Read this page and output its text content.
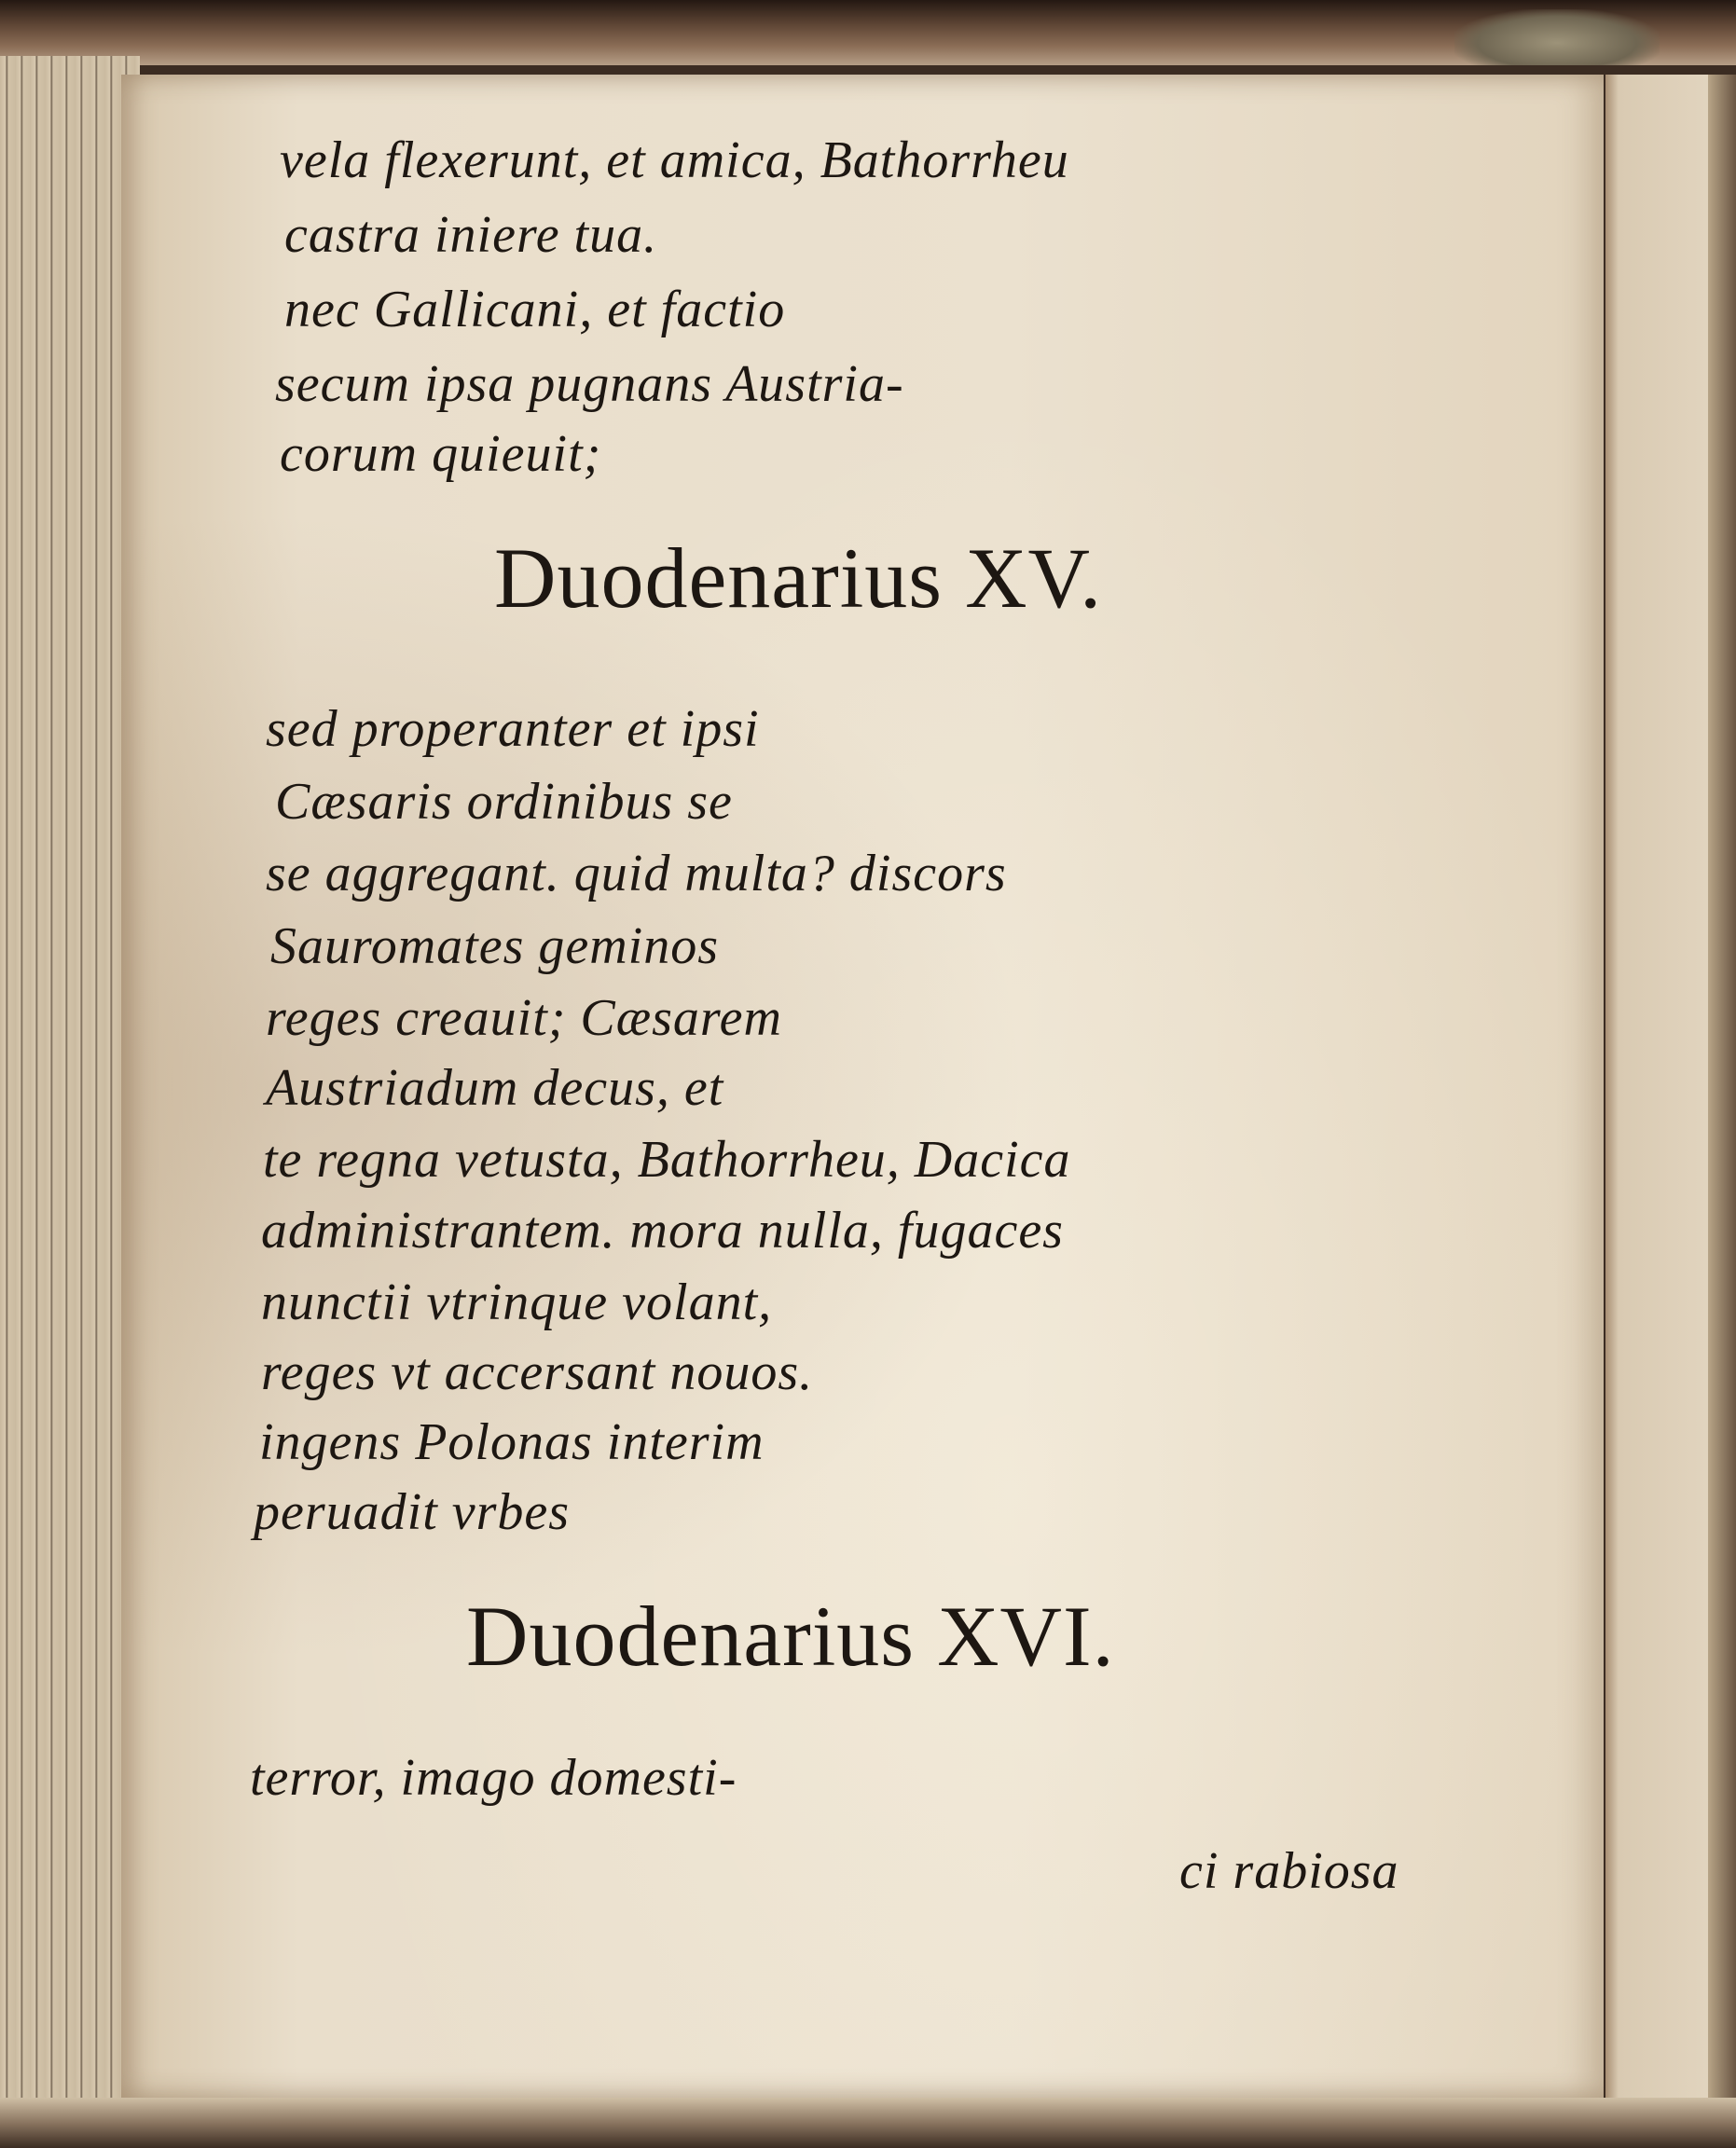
vela flexerunt, et amica, Bathorrheu
castra iniere tua.
nec Gallicani, et factio
secum ipsa pugnans Austria-
corum quieuit;
Duodenarius XV.
sed properanter et ipsi
Cæsaris ordinibus se
se aggregant. quid multa? discors
Sauromates geminos
reges creauit; Cæsarem
Austriadum decus, et
te regna vetusta, Bathorrheu, Dacica
administrantem. mora nulla, fugaces
nunctii vtrinque volant,
reges vt accersant nouos.
ingens Polonas interim
peruadit vrbes
Duodenarius XVI.
terror, imago domesti-
ci rabiosa
